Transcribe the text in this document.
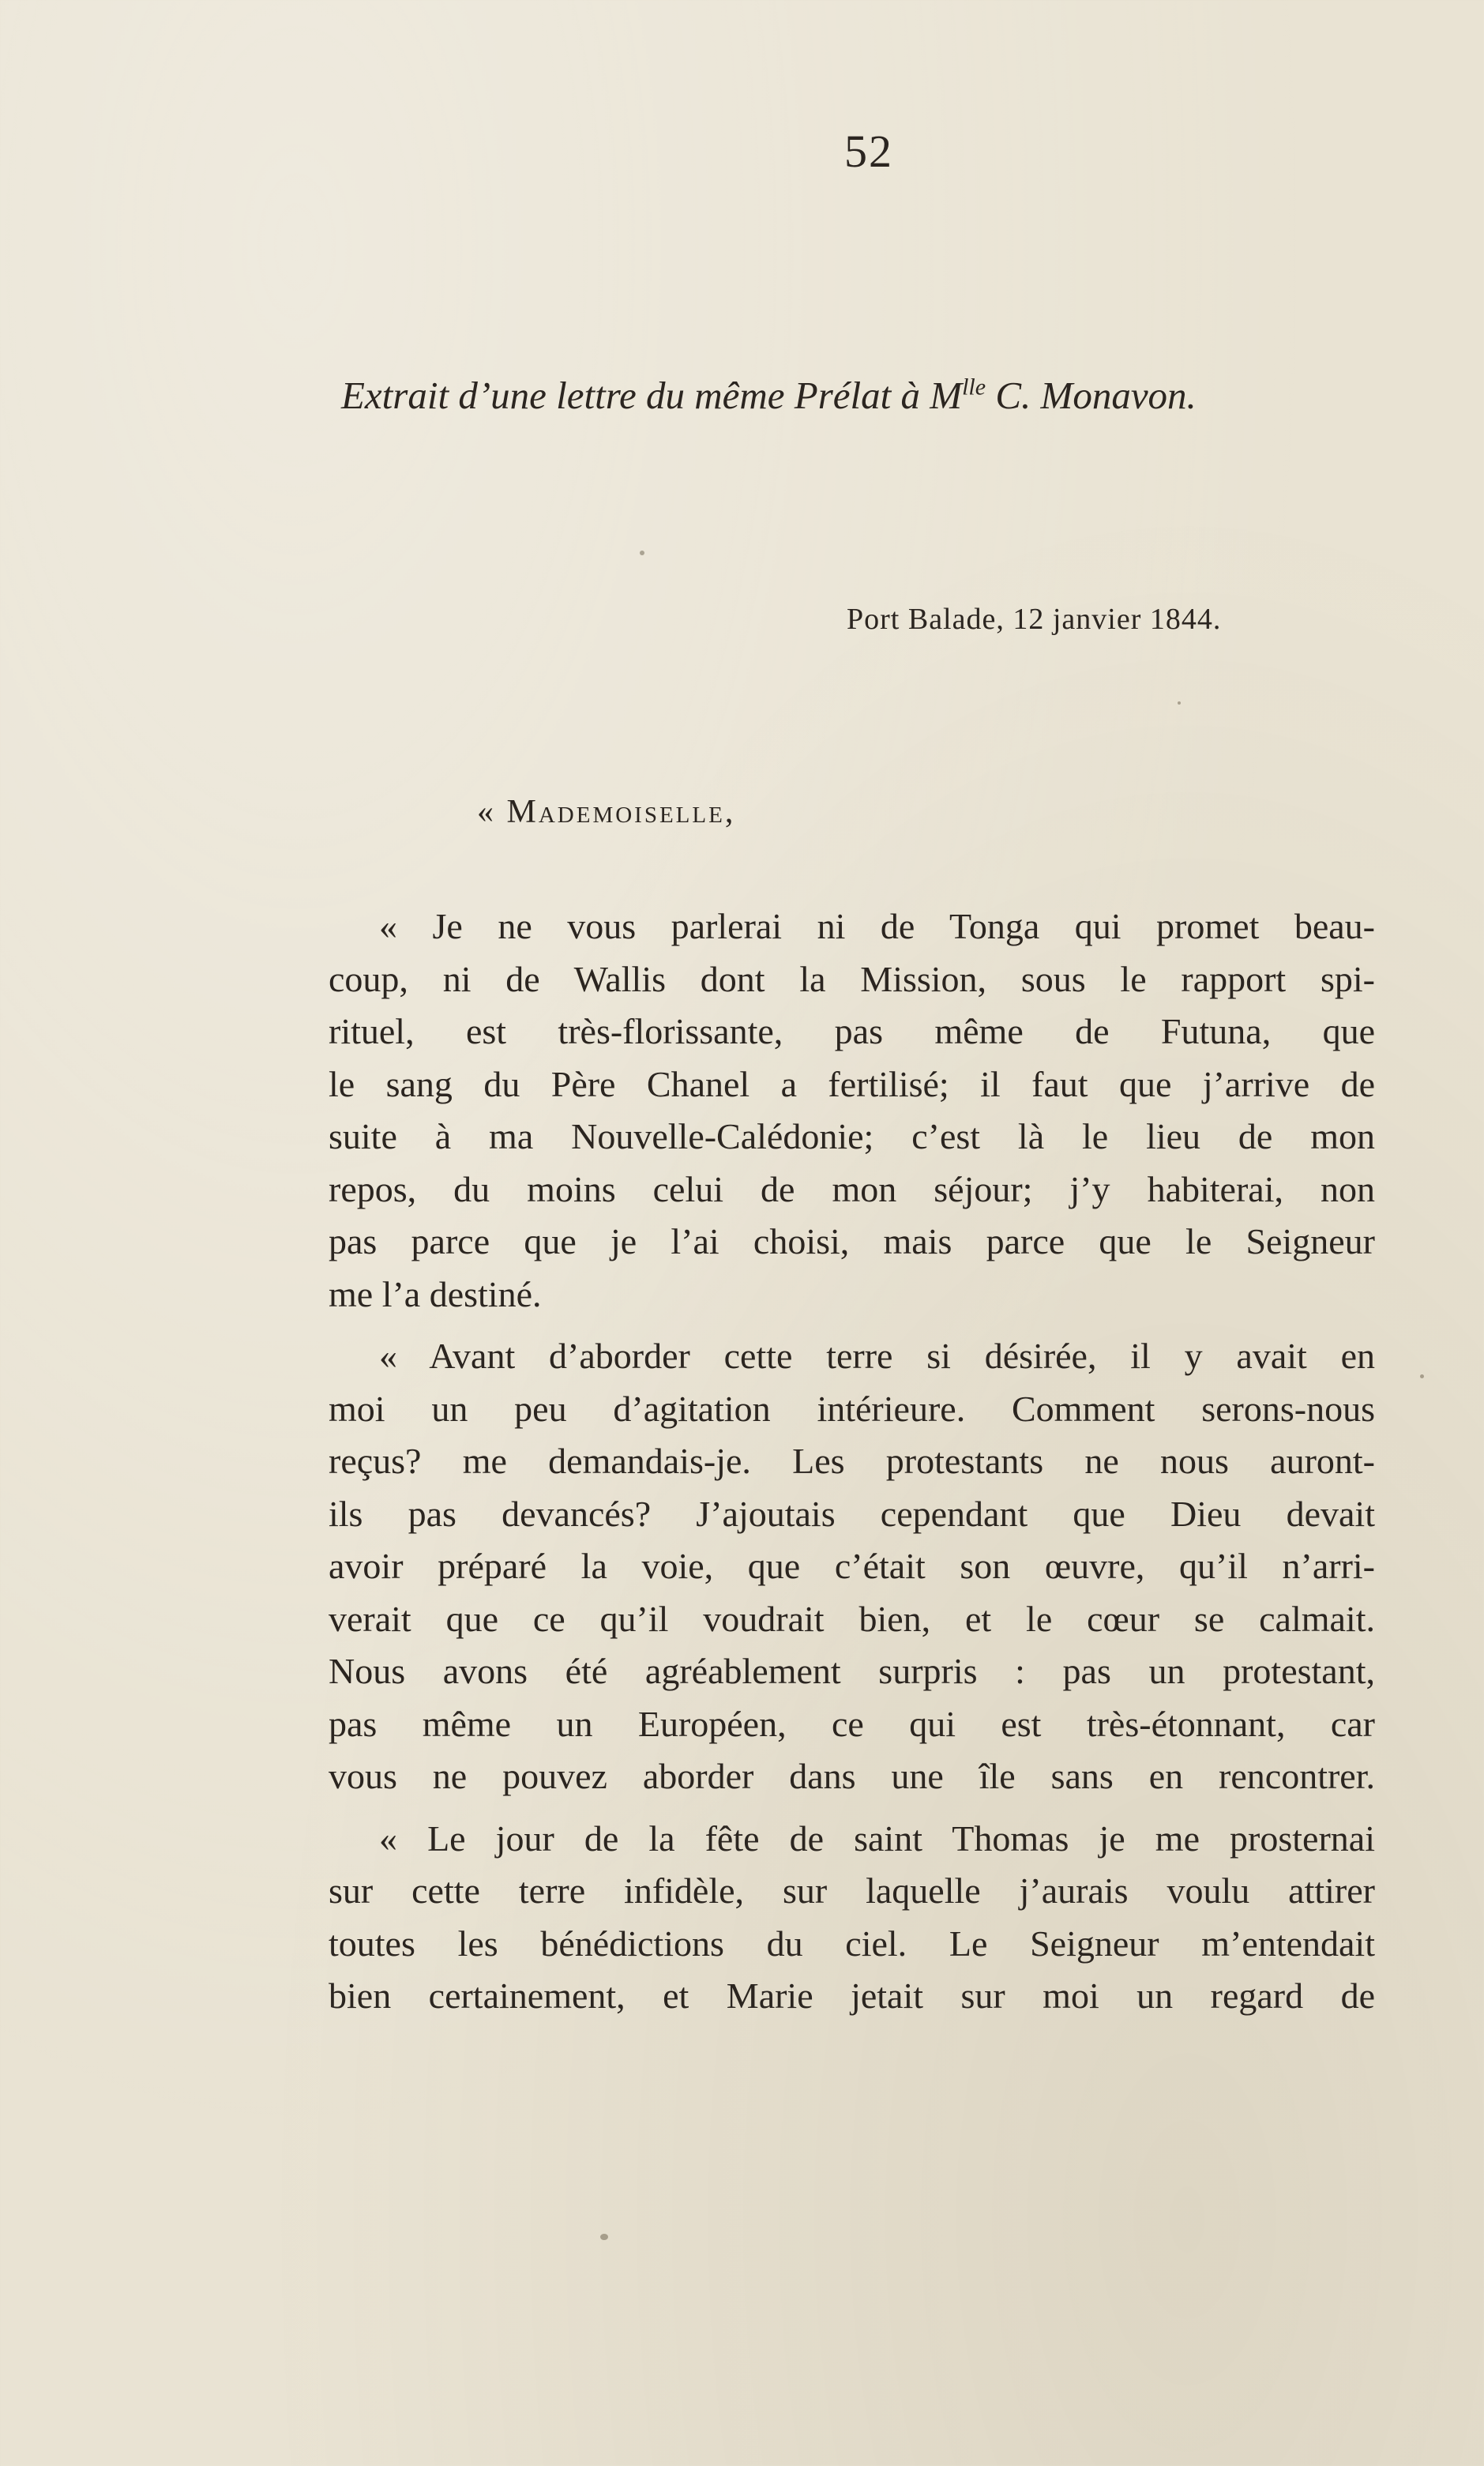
52
Extrait d’une lettre du même Prélat à $M^{lle}$ C. Monavon.
Port Balade, 12 janvier 1844.
« Mademoiselle,

« Je ne vous parlerai ni de Tonga qui promet beau-
coup, ni de Wallis dont la Mission, sous le rapport spi-
rituel, est très-florissante, pas même de Futuna, que
le sang du Père Chanel a fertilisé; il faut que j’arrive de
suite à ma Nouvelle-Calédonie; c’est là le lieu de mon
repos, du moins celui de mon séjour; j’y habiterai, non
pas parce que je l’ai choisi, mais parce que le Seigneur
me l’a destiné.

« Avant d’aborder cette terre si désirée, il y avait en
moi un peu d’agitation intérieure. Comment serons-nous
reçus? me demandais-je. Les protestants ne nous auront-
ils pas devancés? J’ajoutais cependant que Dieu devait
avoir préparé la voie, que c’était son œuvre, qu’il n’arri-
verait que ce qu’il voudrait bien, et le cœur se calmait.
Nous avons été agréablement surpris : pas un protestant,
pas même un Européen, ce qui est très-étonnant, car
vous ne pouvez aborder dans une île sans en rencontrer.

« Le jour de la fête de saint Thomas je me prosternai
sur cette terre infidèle, sur laquelle j’aurais voulu attirer
toutes les bénédictions du ciel. Le Seigneur m’entendait
bien certainement, et Marie jetait sur moi un regard de
